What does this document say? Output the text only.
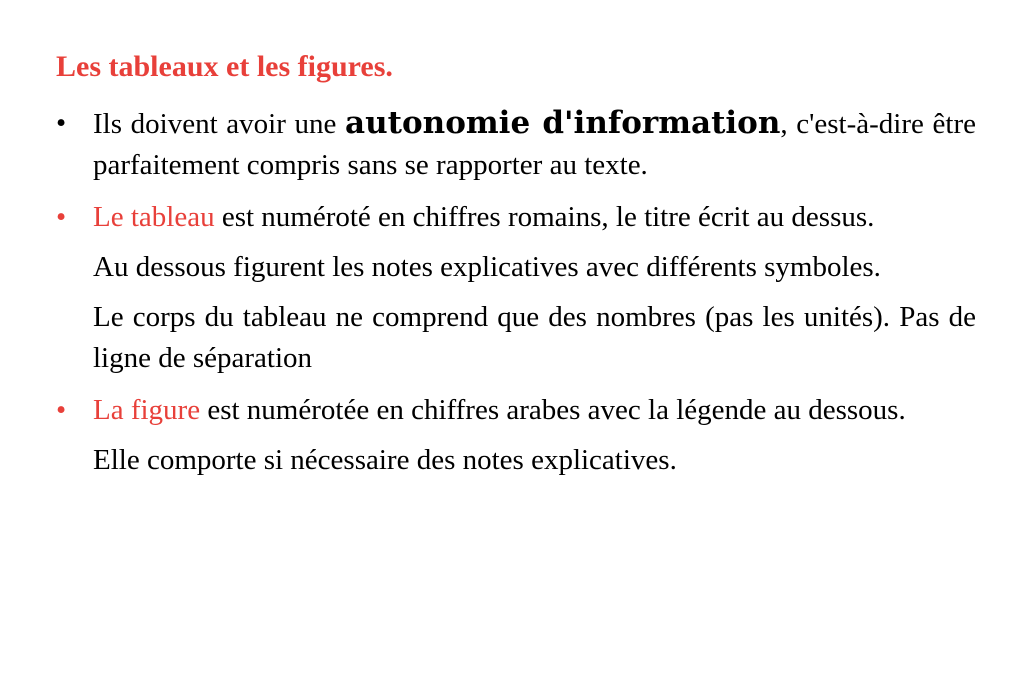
Les tableaux et les figures.
• Ils doivent avoir une autonomie d'information, c'est-à-dire être parfaitement compris sans se rapporter au texte.
• Le tableau est numéroté en chiffres romains, le titre écrit au dessus.
Au dessous figurent les notes explicatives avec différents symboles.
Le corps du tableau ne comprend que des nombres (pas les unités). Pas de ligne de séparation
• La figure est numérotée en chiffres arabes avec la légende au dessous.
Elle comporte si nécessaire des notes explicatives.
